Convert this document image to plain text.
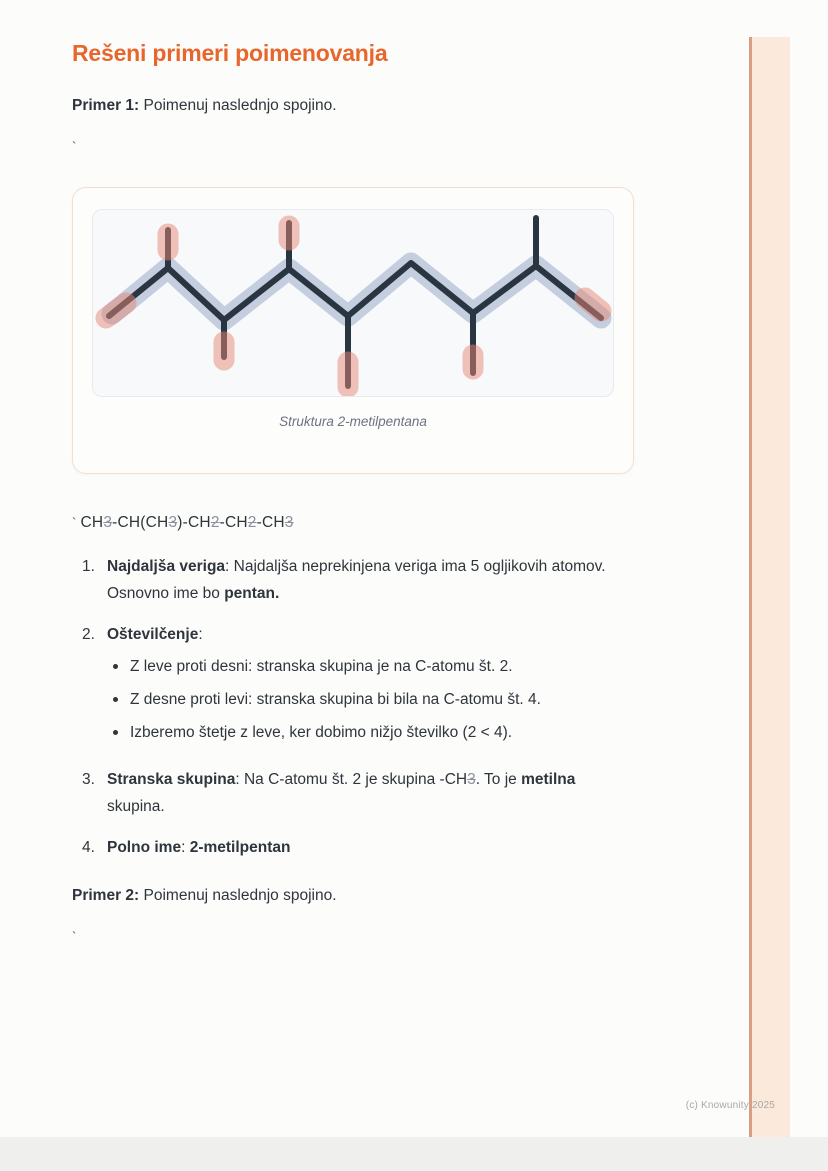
(c) Knowunity 2025
Rešeni primeri poimenovanja

Primer 1: Poimenuj naslednjo spojino.

`
Struktura 2-metilpentana
` CH3-CH(CH3)-CH2-CH2-CH3
1. Najdaljša veriga: Najdaljša neprekinjena veriga ima 5 ogljikovih atomov.
Osnovno ime bo pentan.
2. Oštevilčenje:
Z leve proti desni: stranska skupina je na C-atomu št. 2.
Z desne proti levi: stranska skupina bi bila na C-atomu št. 4.
Izberemo štetje z leve, ker dobimo nižjo številko (2 < 4).
3. Stranska skupina: Na C-atomu št. 2 je skupina -CH3. To je metilna
skupina.
4. Polno ime: 2-metilpentan

Primer 2: Poimenuj naslednjo spojino.

`
